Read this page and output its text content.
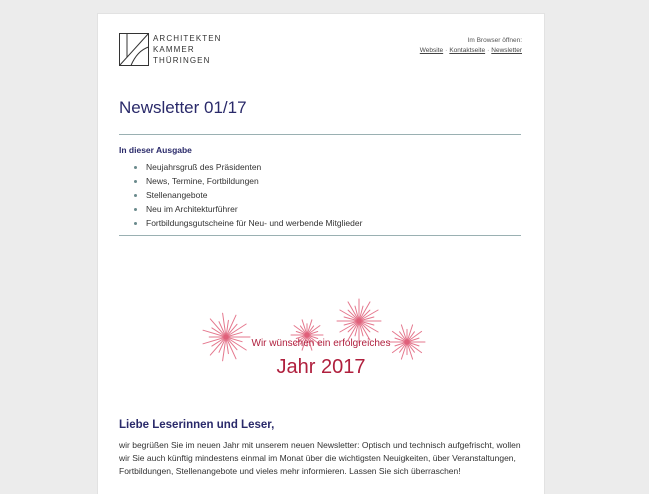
ARCHITEKTEN
KAMMER
THÜRINGEN
Im Browser öffnen:
Website · Kontaktseite · Newsletter
Newsletter 01/17
In dieser Ausgabe
• Neujahrsgruß des Präsidenten
• News, Termine, Fortbildungen
• Stellenangebote
• Neu im Architekturführer
• Fortbildungsgutscheine für Neu- und werbende Mitglieder
Wir wünschen ein erfolgreiches
Jahr 2017
Liebe Leserinnen und Leser,
wir begrüßen Sie im neuen Jahr mit unserem neuen Newsletter: Optisch und technisch aufgefrischt, wollen wir Sie auch künftig mindestens einmal im Monat über die wichtigsten Neuigkeiten, über Veranstaltungen, Fortbildungen, Stellenangebote und vieles mehr informieren. Lassen Sie sich überraschen!
